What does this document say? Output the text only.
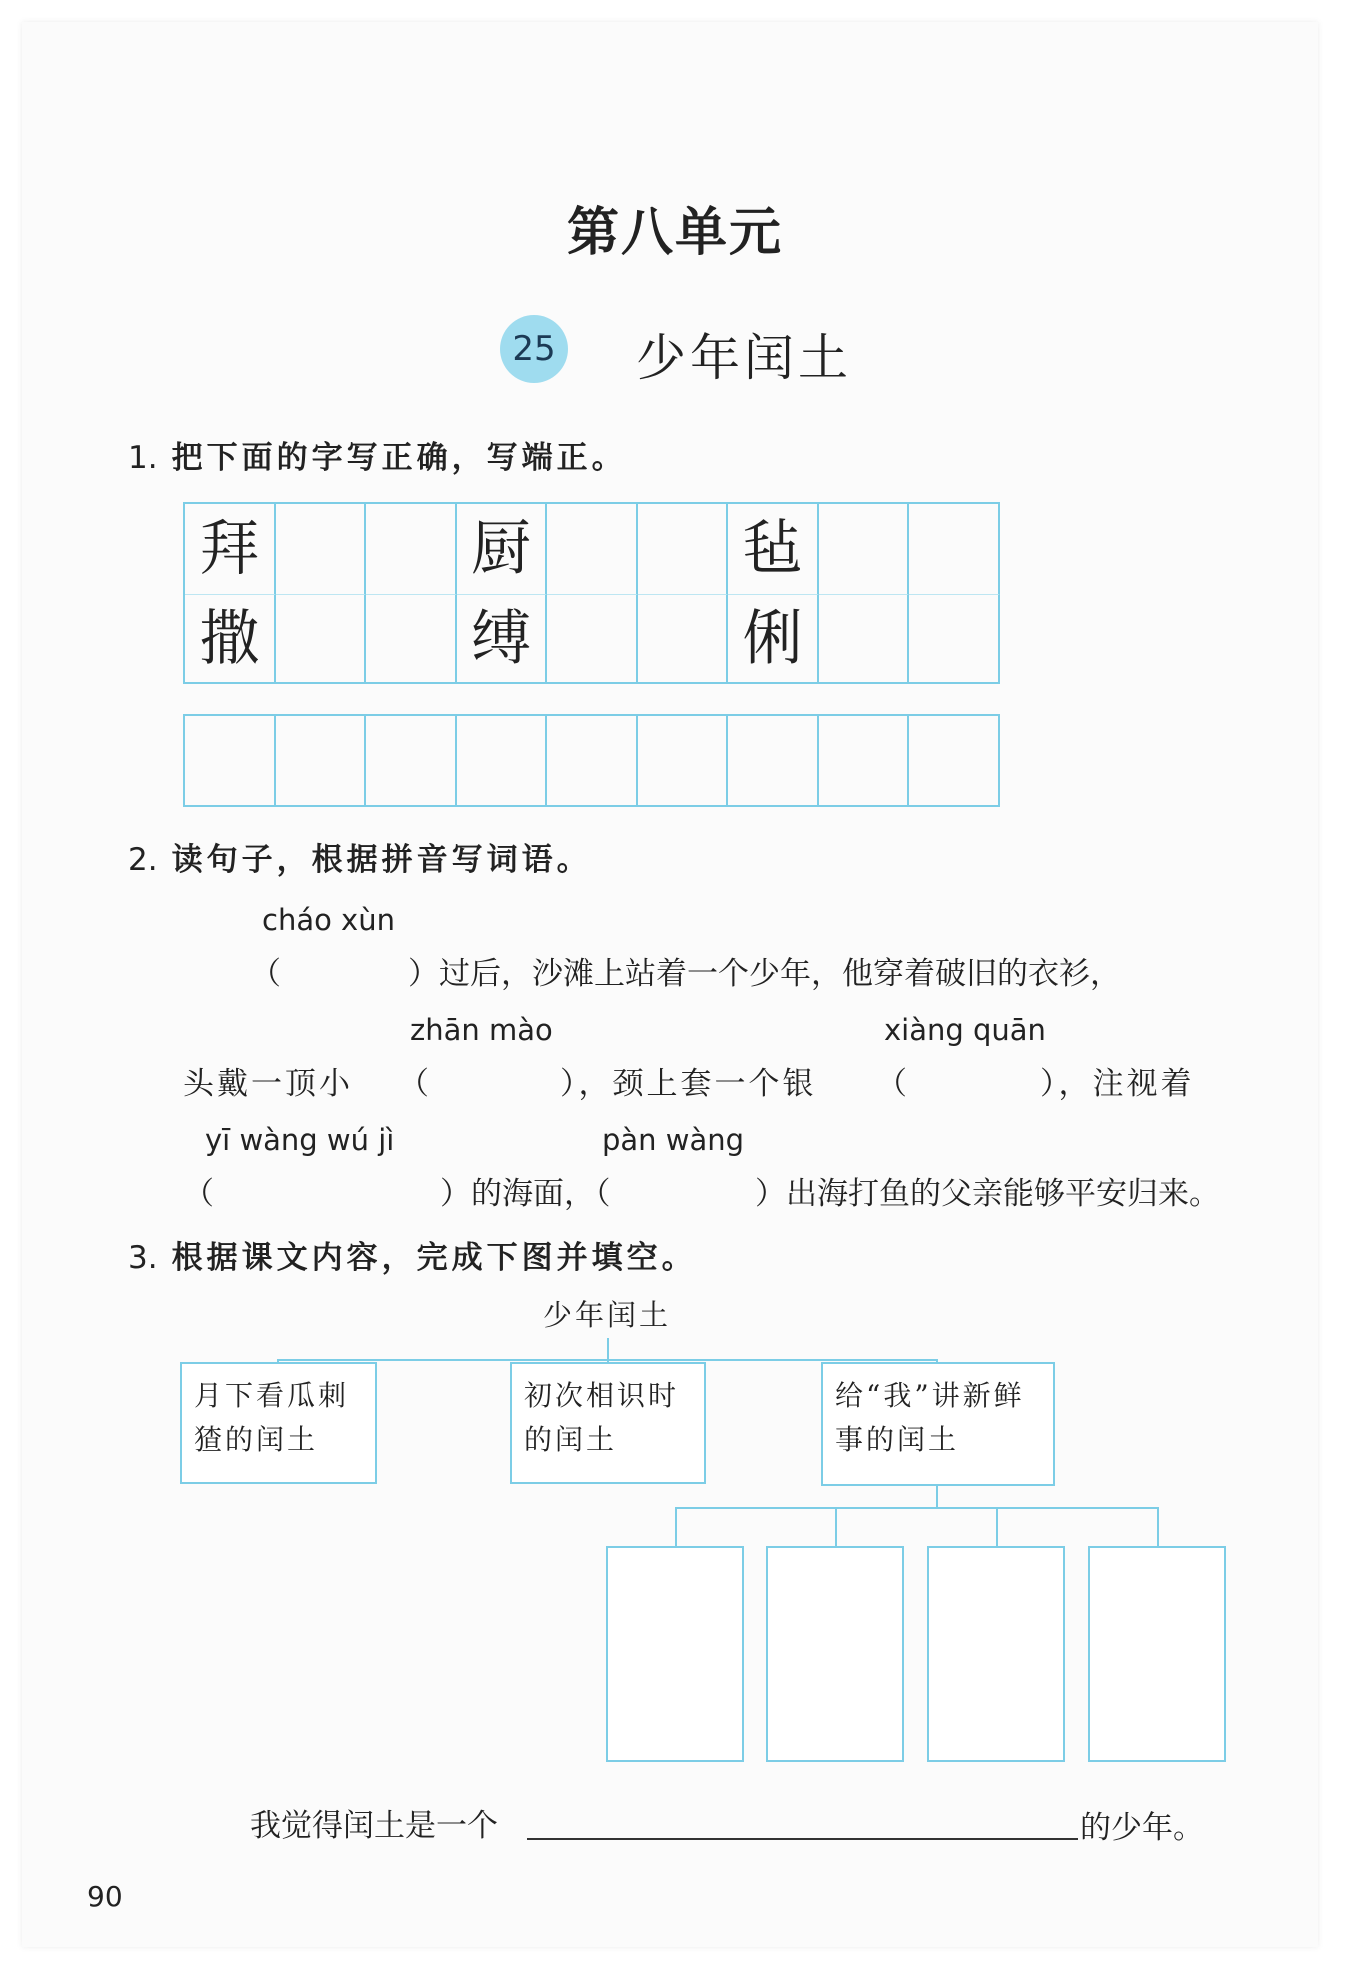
第八单元
25 少年闰土
1. 把下面的字写正确，写端正。
拜	厨	毡
撒	缚	俐
2. 读句子，根据拼音写词语。
cháo xùn
（	）过后，沙滩上站着一个少年，他穿着破旧的衣衫，
zhān mào	xiàng quān
头戴一顶小 （	），颈上套一个银 （	），注视着
yī wàng wú jì	pàn wàng
（	）的海面，（	）出海打鱼的父亲能够平安归来。
3. 根据课文内容，完成下图并填空。
少年闰土
月下看瓜刺猹的闰土
初次相识时的闰土
给“我”讲新鲜事的闰土
我觉得闰土是一个	的少年。
90
